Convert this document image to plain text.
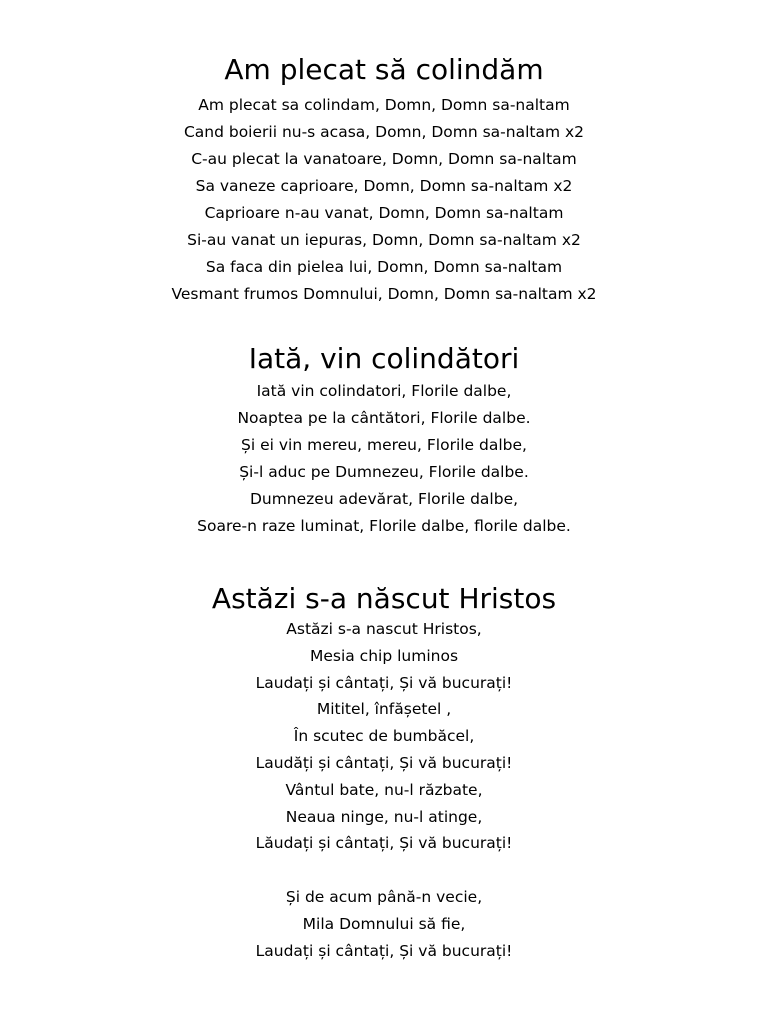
Am plecat să colindăm
Am plecat sa colindam, Domn, Domn sa-naltam
Cand boierii nu-s acasa, Domn, Domn sa-naltam x2
C-au plecat la vanatoare, Domn, Domn sa-naltam
Sa vaneze caprioare, Domn, Domn sa-naltam x2
Caprioare n-au vanat, Domn, Domn sa-naltam
Si-au vanat un iepuras, Domn, Domn sa-naltam x2
Sa faca din pielea lui, Domn, Domn sa-naltam
Vesmant frumos Domnului, Domn, Domn sa-naltam x2
Iată, vin colindători
Iată vin colindatori, Florile dalbe,
Noaptea pe la cântători, Florile dalbe.
Și ei vin mereu, mereu, Florile dalbe,
Și-l aduc pe Dumnezeu, Florile dalbe.
Dumnezeu adevărat, Florile dalbe,
Soare-n raze luminat, Florile dalbe, florile dalbe.
Astăzi s-a născut Hristos
Astăzi s-a nascut Hristos,
Mesia chip luminos
Laudați și cântați, Și vă bucurați!
Mititel, înfășetel ,
În scutec de bumbăcel,
Laudăți și cântați, Și vă bucurați!
Vântul bate, nu-l răzbate,
Neaua ninge, nu-l atinge,
Lăudați și cântați, Și vă bucurați!
Și de acum până-n vecie,
Mila Domnului să fie,
Laudați și cântați, Și vă bucurați!
